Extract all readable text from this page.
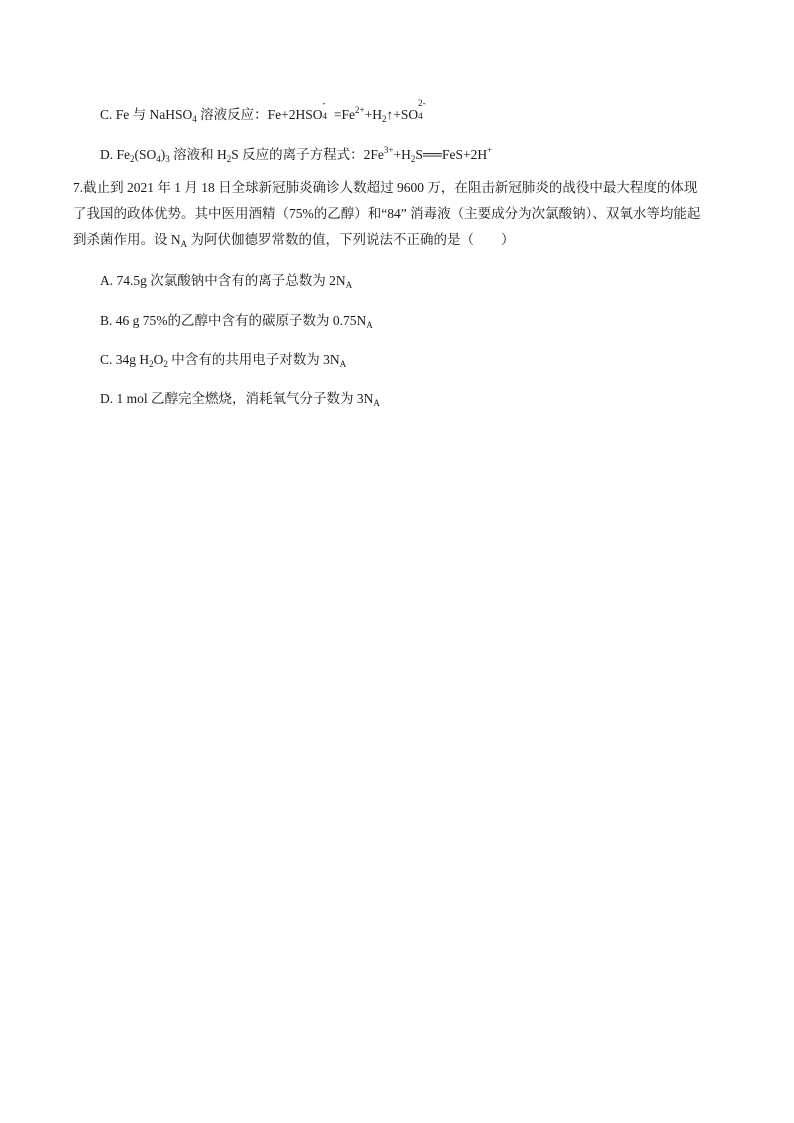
C. Fe 与 NaHSO$_4$ 溶液反应：Fe+2HSO
-
$4 =Fe^{2+}+H_2↑+SO$
2-
4
D. $Fe_2(SO_4)_3$ 溶液和 $H_2S$ 反应的离子方程式：$2Fe^{3+}+H_2S══FeS+2H^+$
7.截止到 2021 年 1 月 18 日全球新冠肺炎确诊人数超过 9600 万，在阻击新冠肺炎的战役中最大程度的体现
了我国的政体优势。其中医用酒精（75%的乙醇）和“84” 消毒液（主要成分为次氯酸钠）、双氧水等均能起
到杀菌作用。设 $N_A$ 为阿伏伽德罗常数的值，下列说法不正确的是（　　）
A. 74.5g 次氯酸钠中含有的离子总数为 $2N_A$
B. 46 g 75%的乙醇中含有的碳原子数为 $0.75N_A$
C. 34g $H_2O_2$ 中含有的共用电子对数为 $3N_A$
D. 1 mol 乙醇完全燃烧，消耗氧气分子数为 $3N_A$
